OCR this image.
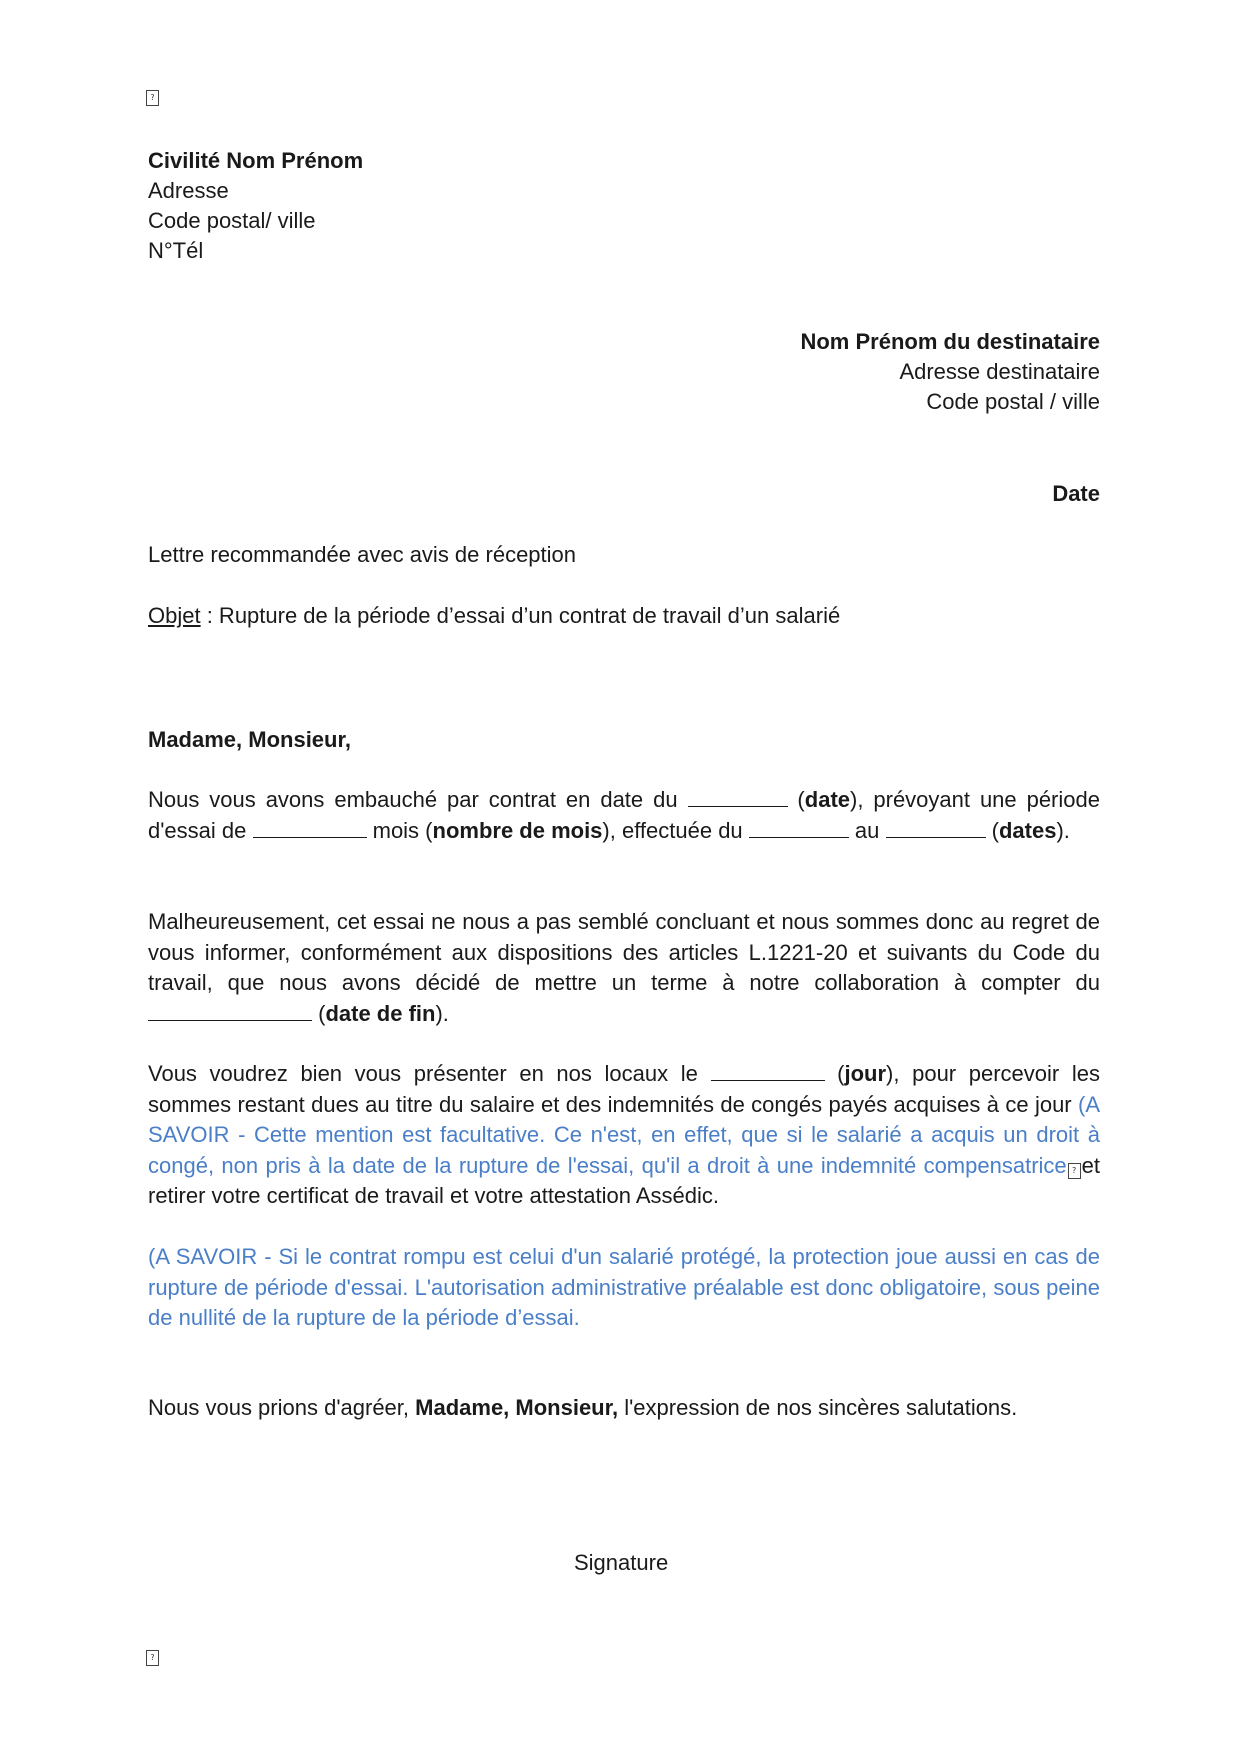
?
Civilité Nom Prénom
Adresse
Code postal/ ville
N°Tél
Nom Prénom du destinataire
Adresse destinataire
Code postal / ville
Date
Lettre recommandée avec avis de réception
Objet : Rupture de la période d’essai d’un contrat de travail d’un salarié
Madame, Monsieur,
Nous vous avons embauché par contrat en date du	(date), prévoyant une période d'essai de	mois (nombre de mois), effectuée du	au	(dates).
Malheureusement, cet essai ne nous a pas semblé concluant et nous sommes donc au regret de vous informer, conformément aux dispositions des articles L.1221-20 et suivants du Code du travail, que nous avons décidé de mettre un terme à notre collaboration à compter du  (date de fin).
Vous voudrez bien vous présenter en nos locaux le	(jour), pour percevoir les sommes restant dues au titre du salaire et des indemnités de congés payés acquises à ce jour (A SAVOIR - Cette mention est facultative. Ce n'est, en effet, que si le salarié a acquis un droit à congé, non pris à la date de la rupture de l'essai, qu'il a droit à une indemnité compensatrice ? et retirer votre certificat de travail et votre attestation Assédic.
(A SAVOIR - Si le contrat rompu est celui d'un salarié protégé, la protection joue aussi en cas de rupture de période d'essai. L'autorisation administrative préalable est donc obligatoire, sous peine de nullité de la rupture de la période d’essai.
Nous vous prions d'agréer, Madame, Monsieur, l'expression de nos sincères salutations.
Signature
?
